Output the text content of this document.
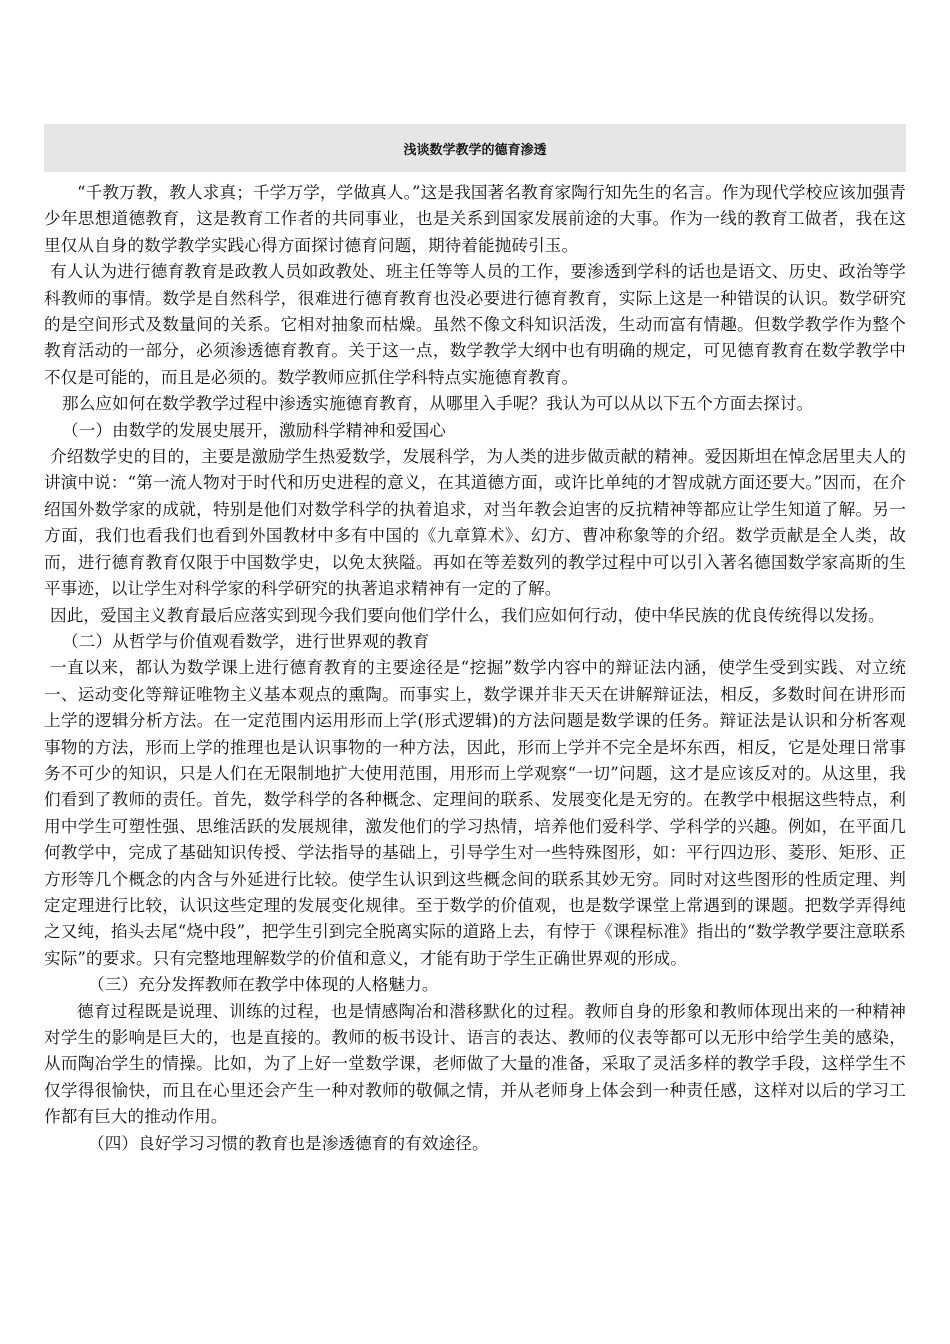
浅谈数学教学的德育渗透

“千教万教，教人求真；千学万学，学做真人。”这是我国著名教育家陶行知先生的名言。作为现代学校应该加强青少年思想道德教育，这是教育工作者的共同事业，也是关系到国家发展前途的大事。作为一线的教育工做者，我在这里仅从自身的数学教学实践心得方面探讨德育问题，期待着能抛砖引玉。

有人认为进行德育教育是政教人员如政教处、班主任等等人员的工作，要渗透到学科的话也是语文、历史、政治等学科教师的事情。数学是自然科学，很难进行德育教育也没必要进行德育教育，实际上这是一种错误的认识。数学研究的是空间形式及数量间的关系。它相对抽象而枯燥。虽然不像文科知识活泼，生动而富有情趣。但数学教学作为整个教育活动的一部分，必须渗透德育教育。关于这一点，数学教学大纲中也有明确的规定，可见德育教育在数学教学中不仅是可能的，而且是必须的。数学教师应抓住学科特点实施德育教育。

那么应如何在数学教学过程中渗透实施德育教育，从哪里入手呢？我认为可以从以下五个方面去探讨。

（一）由数学的发展史展开，激励科学精神和爱国心

介绍数学史的目的，主要是激励学生热爱数学，发展科学，为人类的进步做贡献的精神。爱因斯坦在悼念居里夫人的讲演中说：“第一流人物对于时代和历史进程的意义，在其道德方面，或许比单纯的才智成就方面还要大。”因而，在介绍国外数学家的成就，特别是他们对数学科学的执着追求，对当年教会迫害的反抗精神等都应让学生知道了解。另一方面，我们也看我们也看到外国教材中多有中国的《九章算术》、幻方、曹冲称象等的介绍。数学贡献是全人类，故而，进行德育教育仅限于中国数学史，以免太狭隘。再如在等差数列的教学过程中可以引入著名德国数学家高斯的生平事迹，以让学生对科学家的科学研究的执著追求精神有一定的了解。

因此，爱国主义教育最后应落实到现今我们要向他们学什么，我们应如何行动，使中华民族的优良传统得以发扬。

（二）从哲学与价值观看数学，进行世界观的教育

一直以来，都认为数学课上进行德育教育的主要途径是“挖掘”数学内容中的辩证法内涵，使学生受到实践、对立统一、运动变化等辩证唯物主义基本观点的熏陶。而事实上，数学课并非天天在讲解辩证法，相反，多数时间在讲形而上学的逻辑分析方法。在一定范围内运用形而上学(形式逻辑)的方法问题是数学课的任务。辩证法是认识和分析客观事物的方法，形而上学的推理也是认识事物的一种方法，因此，形而上学并不完全是坏东西，相反，它是处理日常事务不可少的知识，只是人们在无限制地扩大使用范围，用形而上学观察“一切”问题，这才是应该反对的。从这里，我们看到了教师的责任。首先，数学科学的各种概念、定理间的联系、发展变化是无穷的。在教学中根据这些特点，利用中学生可塑性强、思维活跃的发展规律，激发他们的学习热情，培养他们爱科学、学科学的兴趣。例如，在平面几何教学中，完成了基础知识传授、学法指导的基础上，引导学生对一些特殊图形，如：平行四边形、菱形、矩形、正方形等几个概念的内含与外延进行比较。使学生认识到这些概念间的联系其妙无穷。同时对这些图形的性质定理、判定定理进行比较，认识这些定理的发展变化规律。至于数学的价值观，也是数学课堂上常遇到的课题。把数学弄得纯之又纯，掐头去尾“烧中段”，把学生引到完全脱离实际的道路上去，有悖于《课程标准》指出的“数学教学要注意联系实际”的要求。只有完整地理解数学的价值和意义，才能有助于学生正确世界观的形成。

（三）充分发挥教师在教学中体现的人格魅力。

德育过程既是说理、训练的过程，也是情感陶冶和潜移默化的过程。教师自身的形象和教师体现出来的一种精神对学生的影响是巨大的，也是直接的。教师的板书设计、语言的表达、教师的仪表等都可以无形中给学生美的感染，从而陶冶学生的情操。比如，为了上好一堂数学课，老师做了大量的准备，采取了灵活多样的教学手段，这样学生不仅学得很愉快，而且在心里还会产生一种对教师的敬佩之情，并从老师身上体会到一种责任感，这样对以后的学习工作都有巨大的推动作用。

（四）良好学习习惯的教育也是渗透德育的有效途径。
